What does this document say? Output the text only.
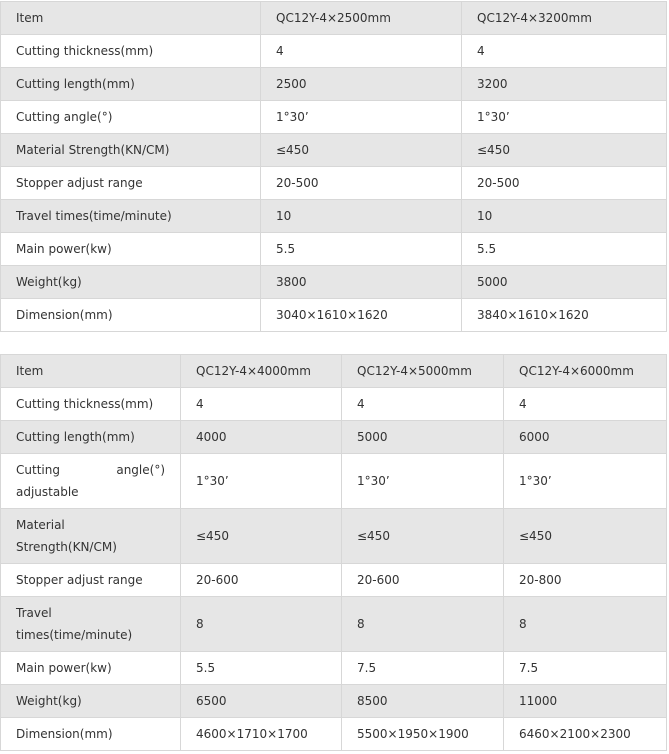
Item	QC12Y-4×2500mm	QC12Y-4×3200mm
Cutting thickness(mm)	4	4
Cutting length(mm)	2500	3200
Cutting angle(°)	1°30’	1°30’
Material Strength(KN/CM)	≤450	≤450
Stopper adjust range	20-500	20-500
Travel times(time/minute)	10	10
Main power(kw)	5.5	5.5
Weight(kg)	3800	5000
Dimension(mm)	3040×1610×1620	3840×1610×1620
Item	QC12Y-4×4000mm	QC12Y-4×5000mm	QC12Y-4×6000mm
Cutting thickness(mm)	4	4	4
Cutting length(mm)	4000	5000	6000
Cutting angle(°) adjustable	1°30’	1°30’	1°30’
Material Strength(KN/CM)	≤450	≤450	≤450
Stopper adjust range	20-600	20-600	20-800
Travel times(time/minute)	8	8	8
Main power(kw)	5.5	7.5	7.5
Weight(kg)	6500	8500	11000
Dimension(mm)	4600×1710×1700	5500×1950×1900	6460×2100×2300
